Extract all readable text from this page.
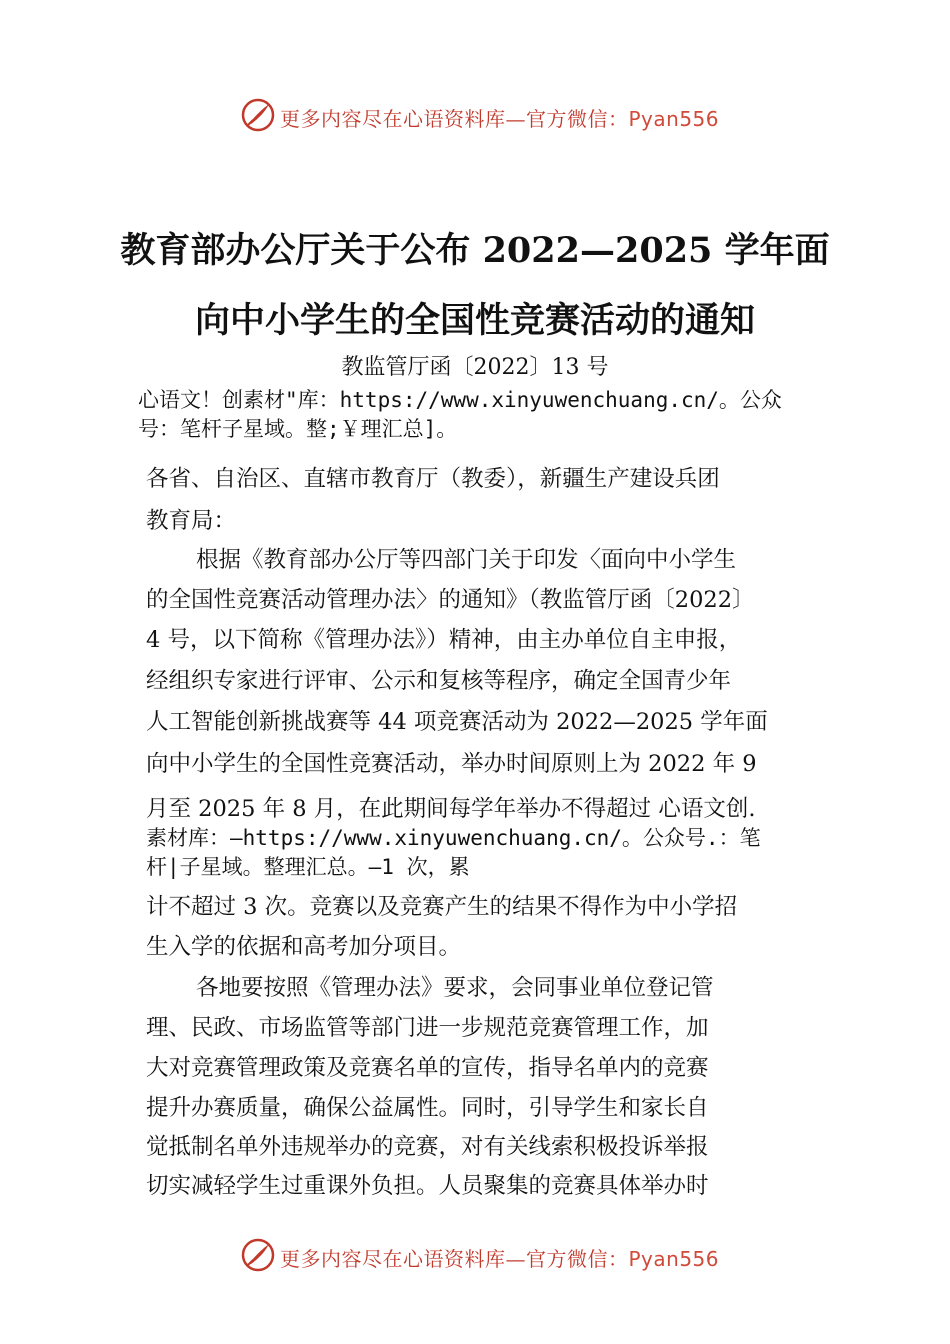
更多内容尽在心语资料库—官方微信：Pyan556
教育部办公厅关于公布 2022—2025 学年面
向中小学生的全国性竞赛活动的通知
教监管厅函〔2022〕13 号
心语文！创素材"库：https://www.xinyuwenchuang.cn/。公众
号：笔杆子星域。整;￥理汇总]。
各省、自治区、直辖市教育厅（教委），新疆生产建设兵团
教育局：
根据《教育部办公厅等四部门关于印发〈面向中小学生
的全国性竞赛活动管理办法〉的通知》（教监管厅函〔2022〕
4 号，以下简称《管理办法》）精神，由主办单位自主申报，
经组织专家进行评审、公示和复核等程序，确定全国青少年
人工智能创新挑战赛等 44 项竞赛活动为 2022—2025 学年面
向中小学生的全国性竞赛活动，举办时间原则上为 2022 年 9
月至 2025 年 8 月，在此期间每学年举办不得超过 心语文创.
素材库：—https://www.xinyuwenchuang.cn/。公众号.：笔
杆|子星域。整理汇总。—1 次，累
计不超过 3 次。竞赛以及竞赛产生的结果不得作为中小学招
生入学的依据和高考加分项目。
各地要按照《管理办法》要求，会同事业单位登记管
理、民政、市场监管等部门进一步规范竞赛管理工作，加
大对竞赛管理政策及竞赛名单的宣传，指导名单内的竞赛
提升办赛质量，确保公益属性。同时，引导学生和家长自
觉抵制名单外违规举办的竞赛，对有关线索积极投诉举报
切实减轻学生过重课外负担。人员聚集的竞赛具体举办时
更多内容尽在心语资料库—官方微信：Pyan556
